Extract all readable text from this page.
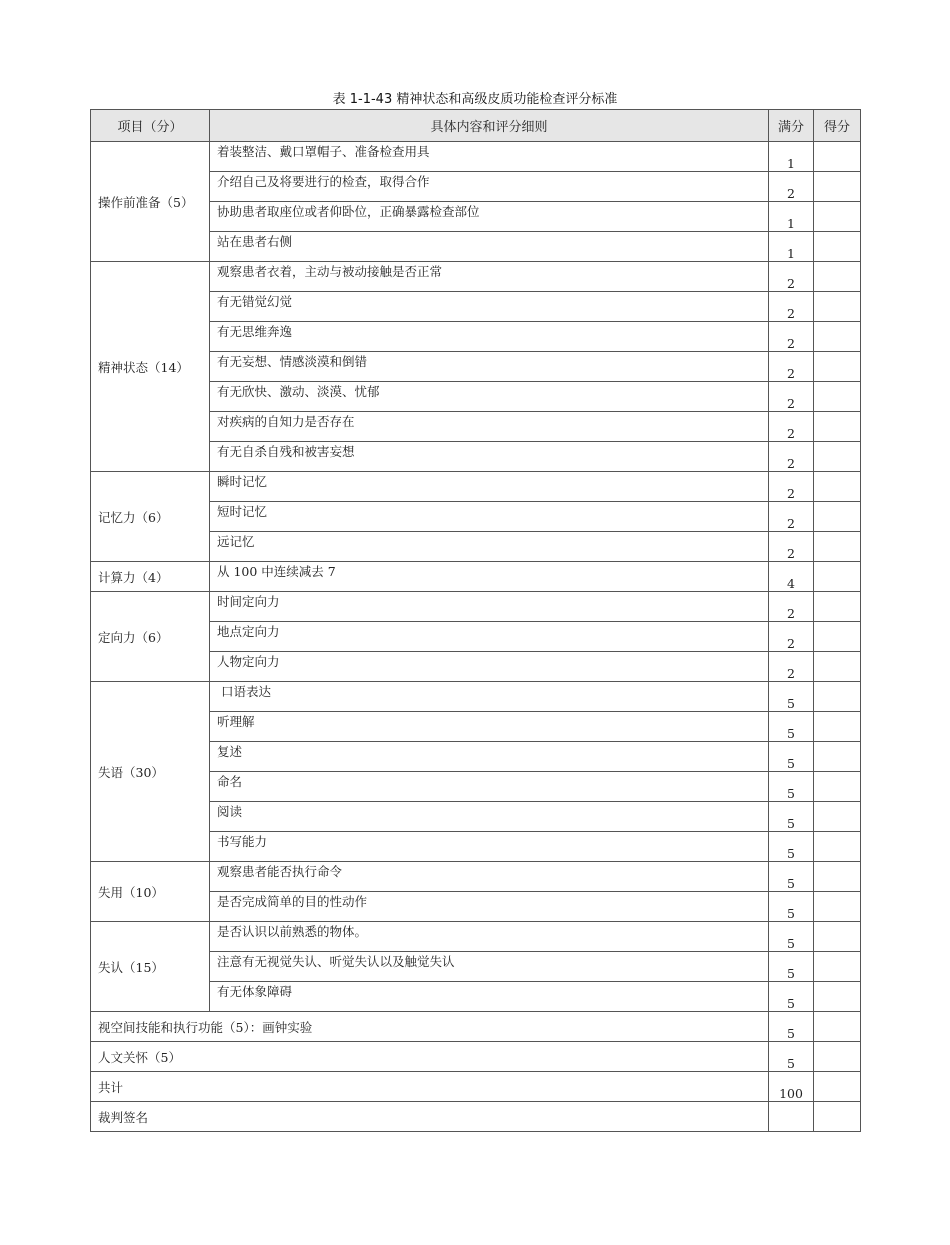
表 1-1-43 精神状态和高级皮质功能检查评分标准
项目（分）	具体内容和评分细则	满分	得分
操作前准备（5）	着装整洁、戴口罩帽子、准备检查用具	1	
	介绍自己及将要进行的检查，取得合作	2	
	协助患者取座位或者仰卧位，正确暴露检查部位	1	
	站在患者右侧	1	
精神状态（14）	观察患者衣着，主动与被动接触是否正常	2	
	有无错觉幻觉	2	
	有无思维奔逸	2	
	有无妄想、情感淡漠和倒错	2	
	有无欣快、激动、淡漠、忧郁	2	
	对疾病的自知力是否存在	2	
	有无自杀自残和被害妄想	2	
记忆力（6）	瞬时记忆	2	
	短时记忆	2	
	远记忆	2	
计算力（4）	从 100 中连续减去 7	4	
定向力（6）	时间定向力	2	
	地点定向力	2	
	人物定向力	2	
失语（30）	口语表达	5	
	听理解	5	
	复述	5	
	命名	5	
	阅读	5	
	书写能力	5	
失用（10）	观察患者能否执行命令	5	
	是否完成简单的目的性动作	5	
失认（15）	是否认识以前熟悉的物体。	5	
	注意有无视觉失认、听觉失认以及触觉失认	5	
	有无体象障碍	5	
视空间技能和执行功能（5）：画钟实验		5	
人文关怀（5）		5	
共计		100	
裁判签名			
